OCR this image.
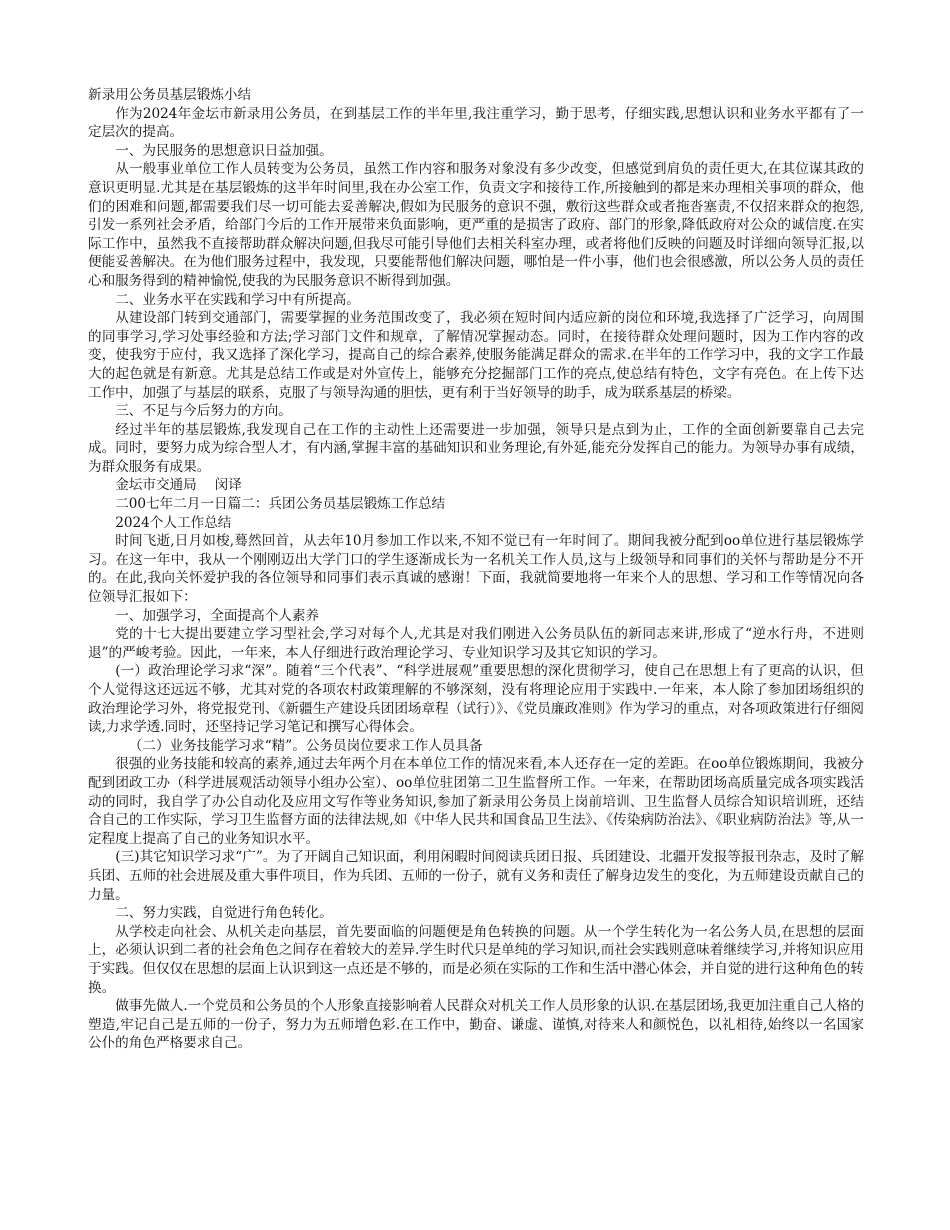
新录用公务员基层锻炼小结

作为2024年金坛市新录用公务员，在到基层工作的半年里,我注重学习，勤于思考，仔细实践,思想认识和业务水平都有了一定层次的提高。

一、为民服务的思想意识日益加强。

从一般事业单位工作人员转变为公务员，虽然工作内容和服务对象没有多少改变，但感觉到肩负的责任更大,在其位谋其政的意识更明显.尤其是在基层锻炼的这半年时间里,我在办公室工作，负责文字和接待工作,所接触到的都是来办理相关事项的群众，他们的困难和问题,都需要我们尽一切可能去妥善解决,假如为民服务的意识不强，敷衍这些群众或者拖沓塞责,不仅招来群众的抱怨,引发一系列社会矛盾，给部门今后的工作开展带来负面影响，更严重的是损害了政府、部门的形象,降低政府对公众的诚信度.在实际工作中，虽然我不直接帮助群众解决问题,但我尽可能引导他们去相关科室办理，或者将他们反映的问题及时详细向领导汇报,以便能妥善解决。在为他们服务过程中，我发现，只要能帮他们解决问题，哪怕是一件小事，他们也会很感激，所以公务人员的责任心和服务得到的精神愉悦,使我的为民服务意识不断得到加强。

二、业务水平在实践和学习中有所提高。

从建设部门转到交通部门，需要掌握的业务范围改变了，我必须在短时间内适应新的岗位和环境,我选择了广泛学习，向周围的同事学习,学习处事经验和方法;学习部门文件和规章，了解情况掌握动态。同时，在接待群众处理问题时，因为工作内容的改变，使我穷于应付，我又选择了深化学习，提高自己的综合素养,使服务能满足群众的需求.在半年的工作学习中，我的文字工作最大的起色就是有新意。尤其是总结工作或是对外宣传上，能够充分挖掘部门工作的亮点,使总结有特色，文字有亮色。在上传下达工作中，加强了与基层的联系，克服了与领导沟通的胆怯，更有利于当好领导的助手，成为联系基层的桥梁。

三、不足与今后努力的方向。

经过半年的基层锻炼,我发现自己在工作的主动性上还需要进一步加强，领导只是点到为止，工作的全面创新要靠自己去完成。同时，要努力成为综合型人才，有内涵,掌握丰富的基础知识和业务理论,有外延,能充分发挥自己的能力。为领导办事有成绩，为群众服务有成果。

金坛市交通局　 闵译

二00七年二月一日篇二：兵团公务员基层锻炼工作总结

2024个人工作总结

时间飞逝,日月如梭,蓦然回首，从去年10月参加工作以来,不知不觉已有一年时间了。期间我被分配到oo单位进行基层锻炼学习。在这一年中，我从一个刚刚迈出大学门口的学生逐渐成长为一名机关工作人员,这与上级领导和同事们的关怀与帮助是分不开的。在此,我向关怀爱护我的各位领导和同事们表示真诚的感谢！下面，我就简要地将一年来个人的思想、学习和工作等情况向各位领导汇报如下：

一、加强学习，全面提高个人素养

党的十七大提出要建立学习型社会,学习对每个人,尤其是对我们刚进入公务员队伍的新同志来讲,形成了“逆水行舟，不进则退”的严峻考验。因此，一年来，本人仔细进行政治理论学习、专业知识学习及其它知识的学习。

(一）政治理论学习求“深”。随着“三个代表”、“科学进展观”重要思想的深化贯彻学习，使自己在思想上有了更高的认识，但个人觉得这还远远不够，尤其对党的各项农村政策理解的不够深刻，没有将理论应用于实践中.一年来，本人除了参加团场组织的政治理论学习外，将党报党刊、《新疆生产建设兵团团场章程（试行）》、《党员廉政准则》作为学习的重点，对各项政策进行仔细阅读,力求学透.同时，还坚持记学习笔记和撰写心得体会。

（二）业务技能学习求“精”。公务员岗位要求工作人员具备

很强的业务技能和较高的素养,通过去年两个月在本单位工作的情况来看,本人还存在一定的差距。在oo单位锻炼期间，我被分配到团政工办（科学进展观活动领导小组办公室）、oo单位驻团第二卫生监督所工作。一年来，在帮助团场高质量完成各项实践活动的同时，我自学了办公自动化及应用文写作等业务知识,参加了新录用公务员上岗前培训、卫生监督人员综合知识培训班，还结合自己的工作实际，学习卫生监督方面的法律法规,如《中华人民共和国食品卫生法》、《传染病防治法》、《职业病防治法》等,从一定程度上提高了自己的业务知识水平。

(三)其它知识学习求“广”。为了开阔自己知识面，利用闲暇时间阅读兵团日报、兵团建设、北疆开发报等报刊杂志，及时了解兵团、五师的社会进展及重大事件项目，作为兵团、五师的一份子，就有义务和责任了解身边发生的变化，为五师建设贡献自己的力量。

二、努力实践，自觉进行角色转化。

从学校走向社会、从机关走向基层，首先要面临的问题便是角色转换的问题。从一个学生转化为一名公务人员,在思想的层面上，必须认识到二者的社会角色之间存在着较大的差异.学生时代只是单纯的学习知识,而社会实践则意味着继续学习,并将知识应用于实践。但仅仅在思想的层面上认识到这一点还是不够的，而是必须在实际的工作和生活中潜心体会，并自觉的进行这种角色的转换。

做事先做人.一个党员和公务员的个人形象直接影响着人民群众对机关工作人员形象的认识.在基层团场,我更加注重自己人格的塑造,牢记自己是五师的一份子，努力为五师增色彩.在工作中，勤奋、谦虚、谨慎,对待来人和颜悦色，以礼相待,始终以一名国家公仆的角色严格要求自己。
